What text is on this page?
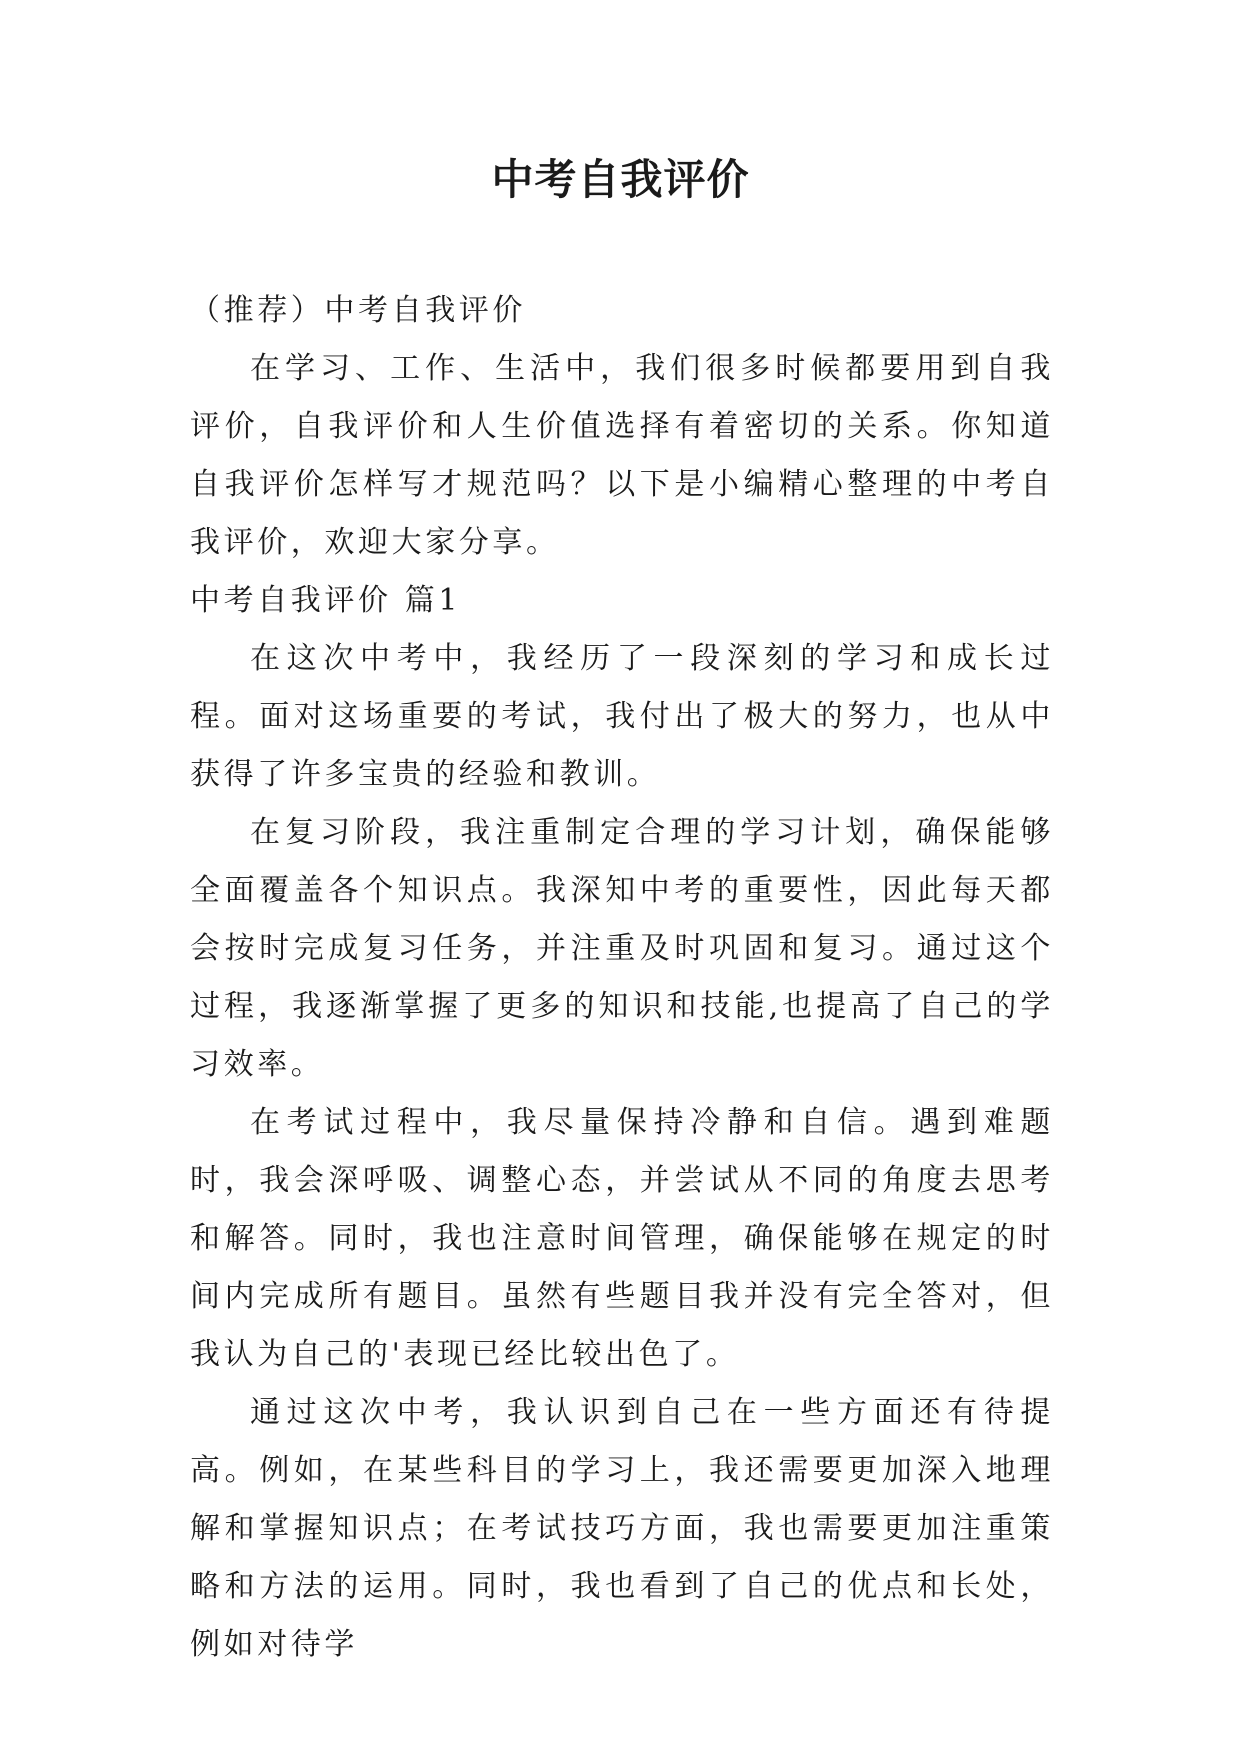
中考自我评价

（推荐）中考自我评价

在学习、工作、生活中，我们很多时候都要用到自我评价，自我评价和人生价值选择有着密切的关系。你知道自我评价怎样写才规范吗？以下是小编精心整理的中考自我评价，欢迎大家分享。

中考自我评价 篇1

在这次中考中，我经历了一段深刻的学习和成长过程。面对这场重要的考试，我付出了极大的努力，也从中获得了许多宝贵的经验和教训。

在复习阶段，我注重制定合理的学习计划，确保能够全面覆盖各个知识点。我深知中考的重要性，因此每天都会按时完成复习任务，并注重及时巩固和复习。通过这个过程，我逐渐掌握了更多的知识和技能,也提高了自己的学习效率。

在考试过程中，我尽量保持冷静和自信。遇到难题时，我会深呼吸、调整心态，并尝试从不同的角度去思考和解答。同时，我也注意时间管理，确保能够在规定的时间内完成所有题目。虽然有些题目我并没有完全答对，但我认为自己的'表现已经比较出色了。

通过这次中考，我认识到自己在一些方面还有待提高。例如，在某些科目的学习上，我还需要更加深入地理解和掌握知识点；在考试技巧方面，我也需要更加注重策略和方法的运用。同时，我也看到了自己的优点和长处，例如对待学
